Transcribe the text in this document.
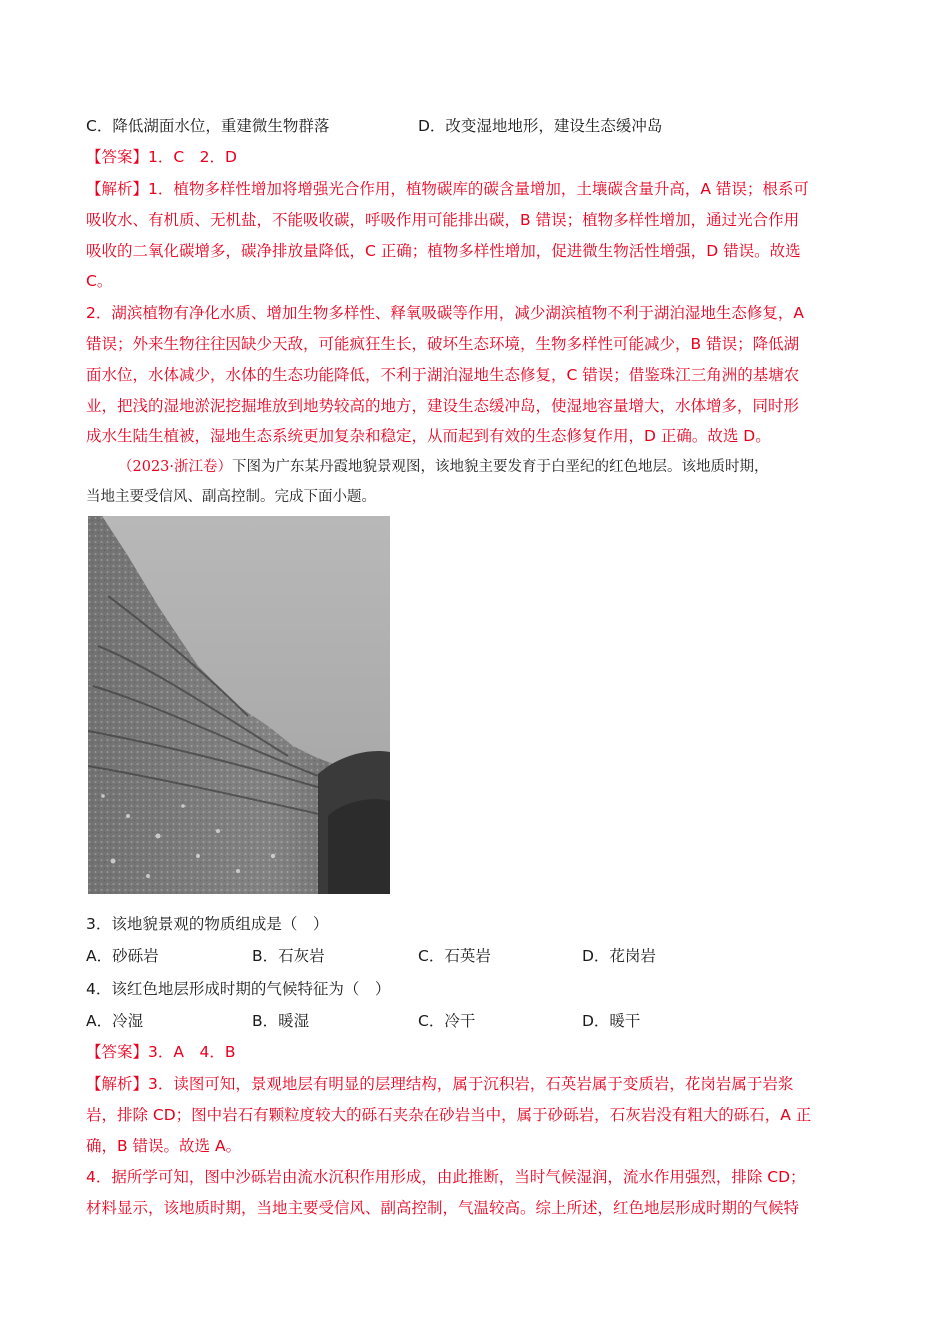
C．降低湖面水位，重建微生物群落	D．改变湿地地形，建设生态缓冲岛
【答案】1．C　2．D
【解析】1．植物多样性增加将增强光合作用，植物碳库的碳含量增加，土壤碳含量升高，A 错误；根系可
吸收水、有机质、无机盐，不能吸收碳，呼吸作用可能排出碳，B 错误；植物多样性增加，通过光合作用
吸收的二氧化碳增多，碳净排放量降低，C 正确；植物多样性增加，促进微生物活性增强，D 错误。故选
C。
2．湖滨植物有净化水质、增加生物多样性、释氧吸碳等作用，减少湖滨植物不利于湖泊湿地生态修复，A
错误；外来生物往往因缺少天敌，可能疯狂生长，破坏生态环境，生物多样性可能减少，B 错误；降低湖
面水位，水体减少，水体的生态功能降低，不利于湖泊湿地生态修复，C 错误；借鉴珠江三角洲的基塘农
业，把浅的湿地淤泥挖掘堆放到地势较高的地方，建设生态缓冲岛，使湿地容量增大，水体增多，同时形
成水生陆生植被，湿地生态系统更加复杂和稳定，从而起到有效的生态修复作用，D 正确。故选 D。
（2023·浙江卷）下图为广东某丹霞地貌景观图，该地貌主要发育于白垩纪的红色地层。该地质时期，
当地主要受信风、副高控制。完成下面小题。
3．该地貌景观的物质组成是（　）
A．砂砾岩	B．石灰岩	C．石英岩	D．花岗岩
4．该红色地层形成时期的气候特征为（　）
A．冷湿	B．暖湿	C．冷干	D．暖干
【答案】3．A　4．B
【解析】3．读图可知，景观地层有明显的层理结构，属于沉积岩，石英岩属于变质岩，花岗岩属于岩浆
岩，排除 CD；图中岩石有颗粒度较大的砾石夹杂在砂岩当中，属于砂砾岩，石灰岩没有粗大的砾石，A 正
确，B 错误。故选 A。
4．据所学可知，图中沙砾岩由流水沉积作用形成，由此推断，当时气候湿润，流水作用强烈，排除 CD；
材料显示，该地质时期，当地主要受信风、副高控制，气温较高。综上所述，红色地层形成时期的气候特
